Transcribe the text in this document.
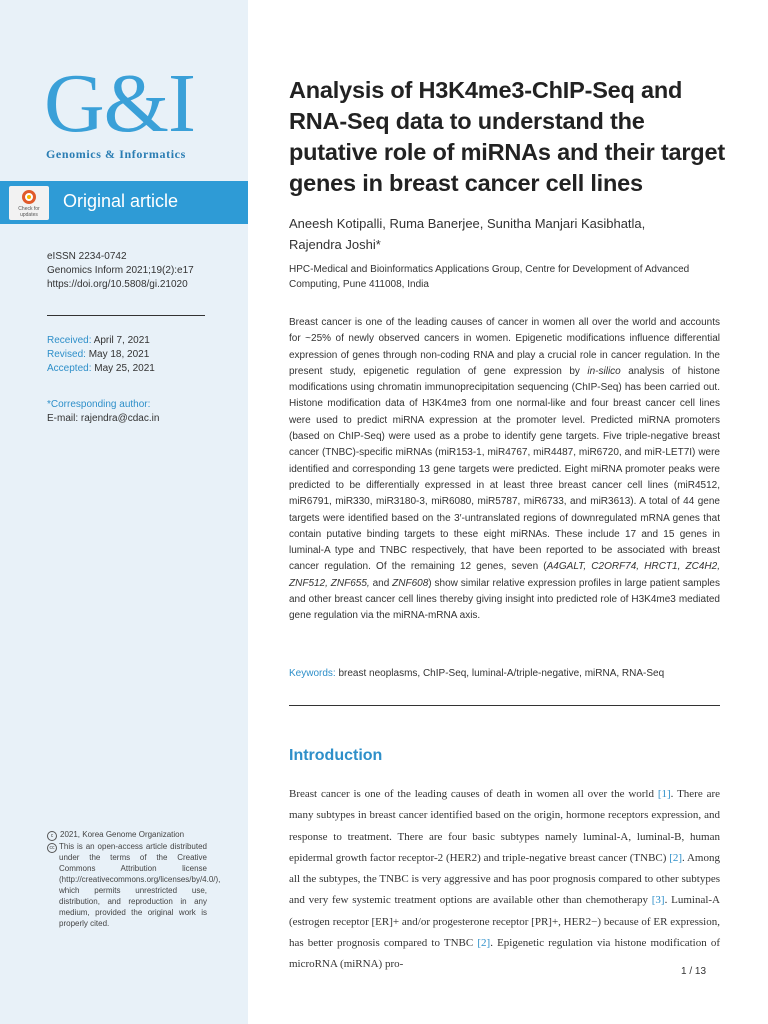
G&I
Genomics & Informatics
Check for updates
Original article
eISSN 2234-0742
Genomics Inform 2021;19(2):e17
https://doi.org/10.5808/gi.21020
Received: April 7, 2021
Revised: May 18, 2021
Accepted: May 25, 2021
*Corresponding author:
E-mail: rajendra@cdac.in
c 2021, Korea Genome Organization
cc This is an open-access article distributed under the terms of the Creative Commons Attribution license (http://creativecommons.org/licenses/by/4.0/), which permits unrestricted use, distribution, and reproduction in any medium, provided the original work is properly cited.
Analysis of H3K4me3-ChIP-Seq and RNA-Seq data to understand the putative role of miRNAs and their target genes in breast cancer cell lines
Aneesh Kotipalli, Ruma Banerjee, Sunitha Manjari Kasibhatla,
Rajendra Joshi*
HPC-Medical and Bioinformatics Applications Group, Centre for Development of Advanced Computing, Pune 411008, India

Breast cancer is one of the leading causes of cancer in women all over the world and accounts for ~25% of newly observed cancers in women. Epigenetic modifications influence differential expression of genes through non-coding RNA and play a crucial role in cancer regulation. In the present study, epigenetic regulation of gene expression by in-silico analysis of histone modifications using chromatin immunoprecipitation sequencing (ChIP-Seq) has been carried out. Histone modification data of H3K4me3 from one normal-like and four breast cancer cell lines were used to predict miRNA expression at the promoter level. Predicted miRNA promoters (based on ChIP-Seq) were used as a probe to identify gene targets. Five triple-negative breast cancer (TNBC)-specific miRNAs (miR153-1, miR4767, miR4487, miR6720, and miR-LET7I) were identified and corresponding 13 gene targets were predicted. Eight miRNA promoter peaks were predicted to be differentially expressed in at least three breast cancer cell lines (miR4512, miR6791, miR330, miR3180-3, miR6080, miR5787, miR6733, and miR3613). A total of 44 gene targets were identified based on the 3′-untranslated regions of downregulated mRNA genes that contain putative binding targets to these eight miRNAs. These include 17 and 15 genes in luminal-A type and TNBC respectively, that have been reported to be associated with breast cancer regulation. Of the remaining 12 genes, seven (A4GALT, C2ORF74, HRCT1, ZC4H2, ZNF512, ZNF655, and ZNF608) show similar relative expression profiles in large patient samples and other breast cancer cell lines thereby giving insight into predicted role of H3K4me3 mediated gene regulation via the miRNA-mRNA axis.

Keywords: breast neoplasms, ChIP-Seq, luminal-A/triple-negative, miRNA, RNA-Seq
Introduction

Breast cancer is one of the leading causes of death in women all over the world [1]. There are many subtypes in breast cancer identified based on the origin, hormone receptors expression, and response to treatment. There are four basic subtypes namely luminal-A, luminal-B, human epidermal growth factor receptor-2 (HER2) and triple-negative breast cancer (TNBC) [2]. Among all the subtypes, the TNBC is very aggressive and has poor prognosis compared to other subtypes and very few systemic treatment options are available other than chemotherapy [3]. Luminal-A (estrogen receptor [ER]+ and/or progesterone receptor [PR]+, HER2−) because of ER expression, has better prognosis compared to TNBC [2]. Epigenetic regulation via histone modification of microRNA (miRNA) pro-

1 / 13
